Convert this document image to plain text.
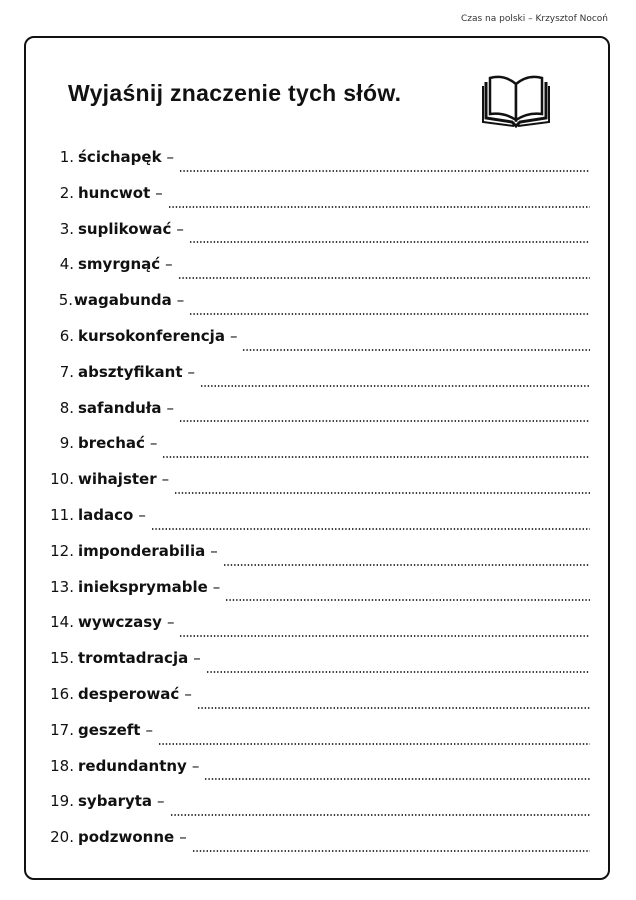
Czas na polski – Krzysztof Nocoń
Wyjaśnij znaczenie tych słów.
1. ścichapęk –
2. huncwot –
3. suplikować –
4. smyrgnąć –
5. wagabunda –
6. kursokonferencja –
7. absztyfikant –
8. safanduła –
9. brechać –
10. wihajster –
11. ladaco –
12. imponderabilia –
13. inieksprymable –
14. wywczasy –
15. tromtadracja –
16. desperować –
17. geszeft –
18. redundantny –
19. sybaryta –
20. podzwonne –
